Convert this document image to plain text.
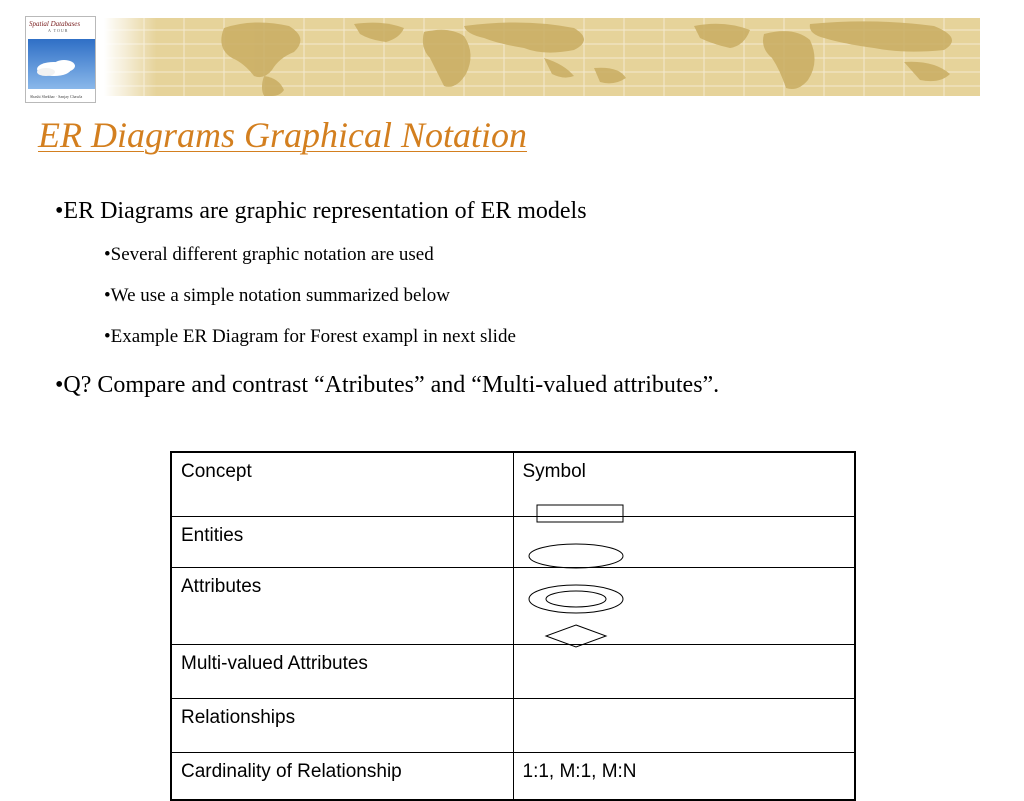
Spatial Databases
A TOUR
Shashi Shekhar · Sanjay Chawla
ER Diagrams Graphical Notation
•ER Diagrams are graphic representation of ER models
•Several different graphic notation are used
•We use a simple notation summarized below
•Example ER Diagram for Forest exampl in next slide
•Q? Compare and contrast “Atributes” and “Multi-valued attributes”.
Concept	Symbol
Entities	
Attributes	
Multi-valued Attributes	
Relationships	
Cardinality of Relationship	1:1, M:1, M:N
